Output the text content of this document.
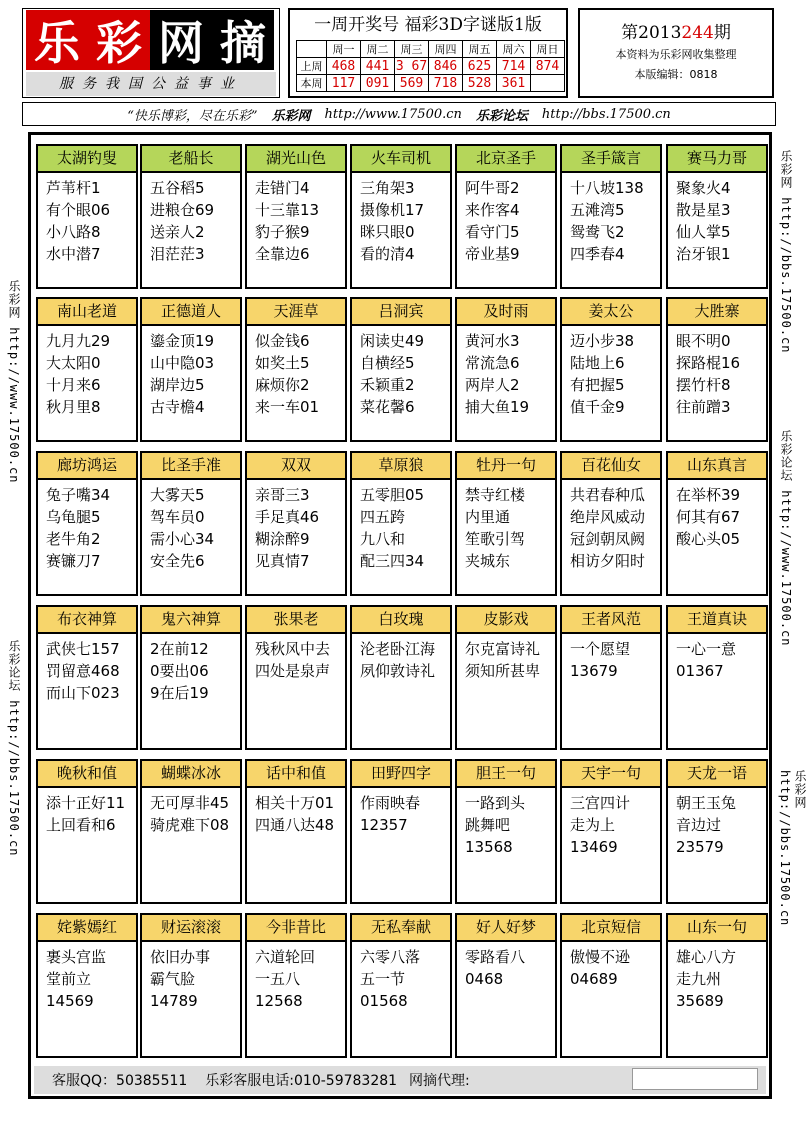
乐 彩 网 摘
服务我国公益事业
一周开奖号 福彩3D字谜版1版
	周一	周二	周三	周四	周五	周六	周日
上周	468	441	3 67	846	625	714	874
本周	117	091	569	718	528	361	
第2013244期
本资料为乐彩网收集整理
本版编辑：0818
“快乐博彩，尽在乐彩” 乐彩网 http://www.17500.cn 乐彩论坛 http://bbs.17500.cn
乐彩网 http://www.17500.cn
乐彩论坛 http://bbs.17500.cn
乐彩网 http://bbs.17500.cn
乐彩论坛 http://www.17500.cn
乐彩网 http://bbs.17500.cn
太湖钓叟
芦苇杆1
有个眼06
小八路8
水中潜7
老船长
五谷稻5
进粮仓69
送亲人2
泪茫茫3
湖光山色
走错门4
十三靠13
豹子猴9
全靠边6
火车司机
三角架3
摄像机17
眯只眼0
看的清4
北京圣手
阿牛哥2
来作客4
看守门5
帝业基9
圣手箴言
十八坡138
五滩湾5
鸳鸯飞2
四季春4
赛马力哥
聚象火4
散是星3
仙人掌5
治牙银1
南山老道
九月九29
大太阳0
十月来6
秋月里8
正德道人
鎏金顶19
山中隐03
湖岸边5
古寺檐4
天涯草
似金钱6
如奖土5
麻烦你2
来一车01
吕洞宾
闲读史49
自横经5
禾颖重2
菜花馨6
及时雨
黄河水3
常流急6
两岸人2
捕大鱼19
姜太公
迈小步38
陆地上6
有把握5
值千金9
大胜寨
眼不明0
探路棍16
摆竹杆8
往前蹭3
廊坊鸿运
兔子嘴34
乌龟腿5
老牛角2
赛镰刀7
比圣手准
大雾天5
驾车员0
需小心34
安全先6
双双
亲哥三3
手足真46
糊涂醉9
见真情7
草原狼
五零胆05
四五跨
九八和
配三四34
牡丹一句
禁寺红楼
内里通
笙歌引驾
夹城东
百花仙女
共君春种瓜
绝岸风威动
冠剑朝凤阙
相访夕阳时
山东真言
在举杯39
何其有67
酸心头05
布衣神算
武侠七157
罚留意468
而山下023
鬼六神算
2在前12
0要出06
9在后19
张果老
残秋风中去
四处是泉声
白玫瑰
沦老卧江海
夙仰敦诗礼
皮影戏
尔克富诗礼
须知所甚卑
王者风范
一个愿望
13679
王道真诀
一心一意
01367
晚秋和值
添十正好11
上回看和6
蝴蝶冰冰
无可厚非45
骑虎难下08
话中和值
相关十万01
四通八达48
田野四字
作雨映春
12357
胆王一句
一路到头
跳舞吧
13568
天宇一句
三宫四计
走为上
13469
天龙一语
朝王玉兔
音边过
23579
姹紫嫣红
裹头宫监
堂前立
14569
财运滚滚
依旧办事
霸气脸
14789
今非昔比
六道轮回
一五八
12568
无私奉献
六零八落
五一节
01568
好人好梦
零路看八
0468
北京短信
傲慢不逊
04689
山东一句
雄心八方
走九州
35689
客服QQ：50385511 乐彩客服电话:010-59783281 网摘代理:
